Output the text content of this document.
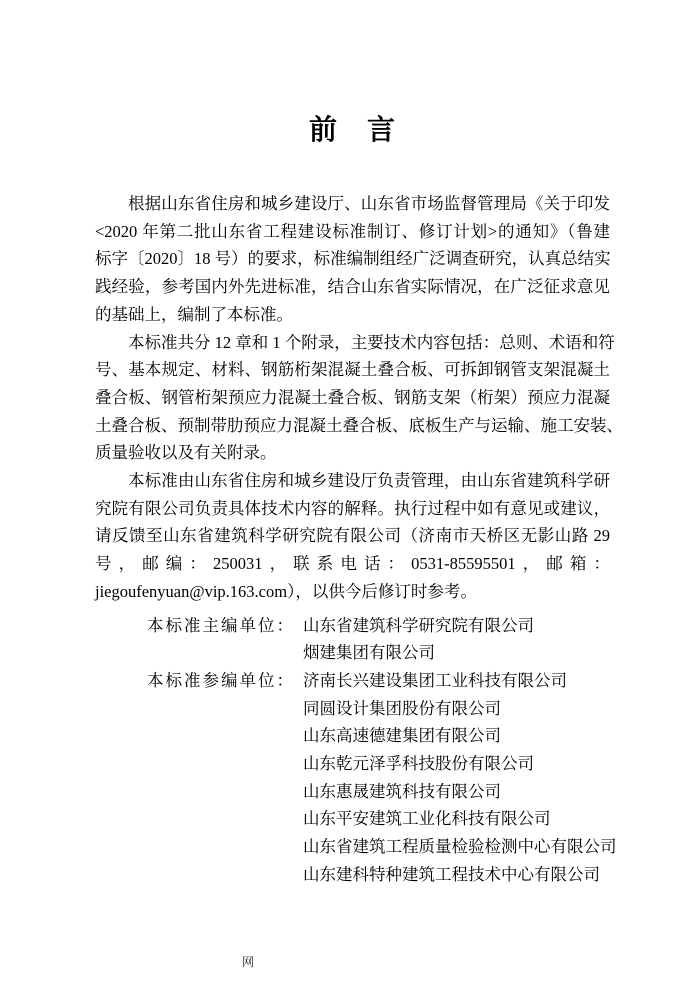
前　言
根据山东省住房和城乡建设厅、山东省市场监督管理局《关于印发
<2020 年第二批山东省工程建设标准制订、修订计划>的通知》（鲁建
标字〔2020〕18 号）的要求，标准编制组经广泛调查研究，认真总结实
践经验，参考国内外先进标准，结合山东省实际情况，在广泛征求意见
的基础上，编制了本标准。
本标准共分 12 章和 1 个附录，主要技术内容包括：总则、术语和符
号、基本规定、材料、钢筋桁架混凝土叠合板、可拆卸钢管支架混凝土
叠合板、钢管桁架预应力混凝土叠合板、钢筋支架（桁架）预应力混凝
土叠合板、预制带肋预应力混凝土叠合板、底板生产与运输、施工安装、
质量验收以及有关附录。
本标准由山东省住房和城乡建设厅负责管理，由山东省建筑科学研
究院有限公司负责具体技术内容的解释。执行过程中如有意见或建议，
请反馈至山东省建筑科学研究院有限公司（济南市天桥区无影山路 29
号，邮编：250031，联系电话：0531-85595501，邮箱：
jiegoufenyuan@vip.163.com），以供今后修订时参考。
本标准主编单位： 山东省建筑科学研究院有限公司
烟建集团有限公司
本标准参编单位： 济南长兴建设集团工业科技有限公司
同圆设计集团股份有限公司
山东高速德建集团有限公司
山东乾元泽孚科技股份有限公司
山东惠晟建筑科技有限公司
山东平安建筑工业化科技有限公司
山东省建筑工程质量检验检测中心有限公司
山东建科特种建筑工程技术中心有限公司
网
